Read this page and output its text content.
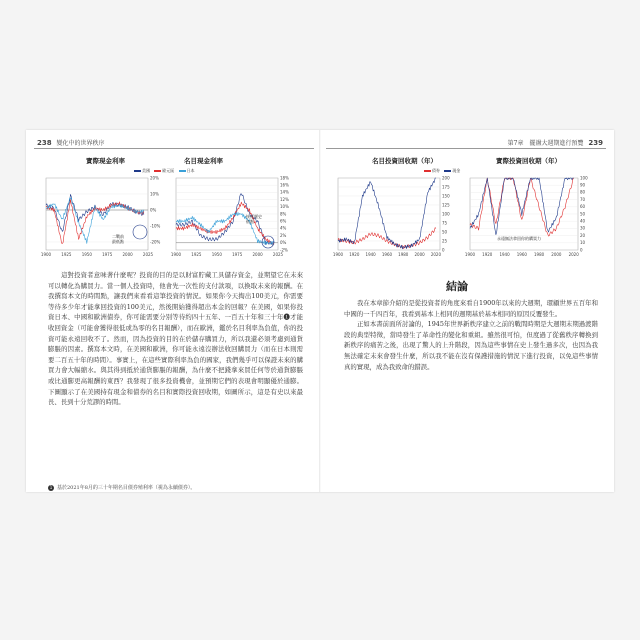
238 變化中的世界秩序
實際現金利率
美國	歐元區	日本
名目現金利率
20%
10%
0%
-10%
-20%
1900	1925	1950	1975	2000	2025
18%
16%
14%
12%
10%
8%
6%
4%
2%
0%
-2%
1900	1925	1950	1975	2000	2025
二戰前
最低點
接近歷史
低點

這對投資者意味著什麼呢？投資的目的是以財富貯藏工具儲存資金，並期望它在未來可以轉化為購買力。當一個人投資時，他會先一次性的支付款項，以換取未來的報酬。在我撰寫本文的時間點，讓我們來看看這筆投資的情況。如果你今天掏出100美元，你需要等待多少年才能拿回投資的100美元，然後開始獲得超出本金的回報？在美國，如果你投資日本、中國和歐洲債券，你可能需要分別等待約四十五年、一百五十年和三十年❶才能收回資金（可能會獲得很低或為零的名目報酬），而在歐洲，鑑於名目利率為負值，你的投資可能永遠回收不了。然而，因為投資的目的在於儲存購買力，所以我還必須考慮到通貨膨脹的因素。撰寫本文時，在美國和歐洲，你可能永遠沒辦法收回購買力（而在日本則需要二百五十年的時間）。事實上，在這些實際利率為負的國家，我們幾乎可以保證未來的購買力會大幅縮水。與其得到抵於通貨膨脹的報酬，為什麼不把錢拿來買任何等於通貨膨脹或比通膨更高報酬的東西？我發現了很多投資機會，並預期它們的表現會明顯優於通膨。下圖顯示了在美國持有現金和債券的名目和實際投資回收期，如圖所示，這是有史以來最長、長到十分荒謬的時間。

1 基於2021年8月的三十年期名目債券殖利率（視為永續債券）。
第7章　擺盪大週期進行預覽 239
名目投資回收期（年）
債券	現金
實際投資回收期（年）
200
175
150
125
100
75
50
25
0
1900 1920 1940 1960 1980 2000 2020
100
90
80
70
60
50
40
30
20
10
0
1900 1920 1940 1960 1980 2000 2020
永遠無法拿回你的購買力
結論

我在本章節介紹的是從投資者的角度來看自1900年以來的大週期，環顧世界五百年和中國的一千四百年，我看到基本上相同的週期基於基本相同的原因反覆發生。

正如本書前面所討論的，1945年世界新秩序建立之前的戰間時期是大週期末期過渡階段的典型特徵，當時發生了革命性的變化和重組。雖然很可怕，但度過了從舊秩序轉換到新秩序的痛苦之後，出現了驚人的上升階段，因為這些事情在史上發生過多次，也因為我無法確定未來會發生什麼，所以我不能在沒有保護措施的情況下進行投資，以免這些事情真的實現，成為我致命的錯誤。
